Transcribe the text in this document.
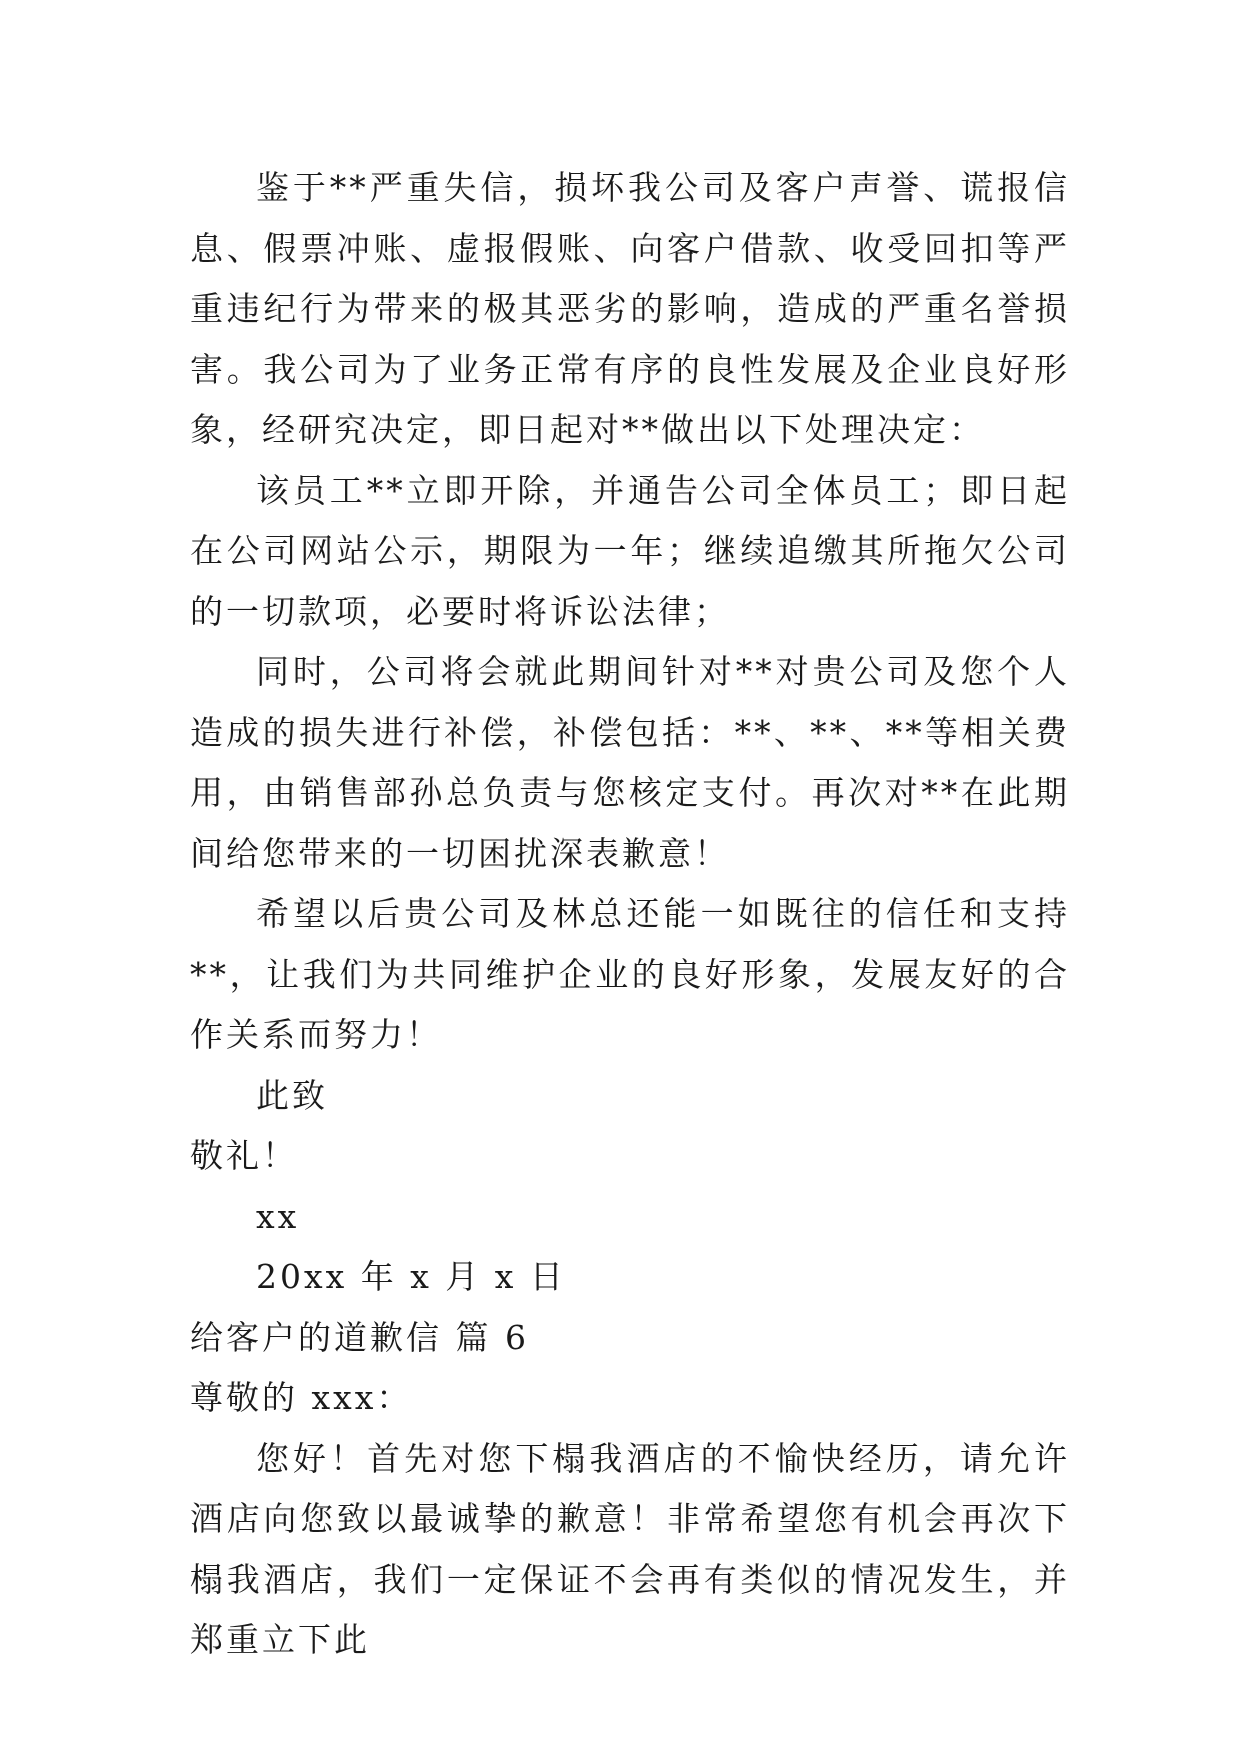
鉴于**严重失信，损坏我公司及客户声誉、谎报信息、假票冲账、虚报假账、向客户借款、收受回扣等严重违纪行为带来的极其恶劣的影响，造成的严重名誉损害。我公司为了业务正常有序的良性发展及企业良好形象，经研究决定，即日起对**做出以下处理决定：

该员工**立即开除，并通告公司全体员工；即日起在公司网站公示，期限为一年；继续追缴其所拖欠公司的一切款项，必要时将诉讼法律；

同时，公司将会就此期间针对**对贵公司及您个人造成的损失进行补偿，补偿包括：**、**、**等相关费用，由销售部孙总负责与您核定支付。再次对**在此期间给您带来的一切困扰深表歉意！

希望以后贵公司及林总还能一如既往的信任和支持**，让我们为共同维护企业的良好形象，发展友好的合作关系而努力！

此致

敬礼！

xx

20xx 年 x 月 x 日

给客户的道歉信 篇 6

尊敬的 xxx：

您好！首先对您下榻我酒店的不愉快经历，请允许酒店向您致以最诚挚的歉意！非常希望您有机会再次下榻我酒店，我们一定保证不会再有类似的情况发生，并郑重立下此
